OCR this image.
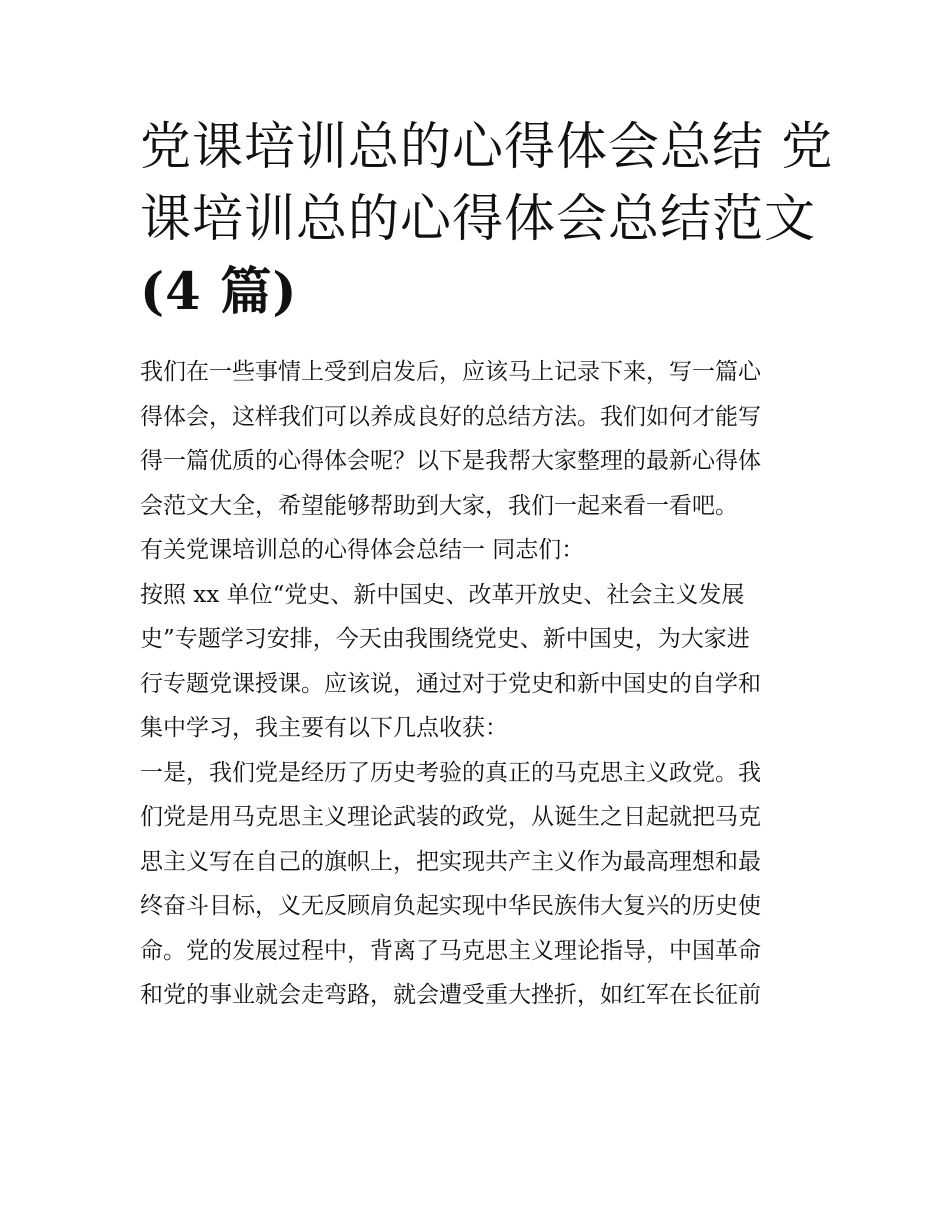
党课培训总的心得体会总结 党
课培训总的心得体会总结范文
(4 篇)
我们在一些事情上受到启发后，应该马上记录下来，写一篇心
得体会，这样我们可以养成良好的总结方法。我们如何才能写
得一篇优质的心得体会呢？以下是我帮大家整理的最新心得体
会范文大全，希望能够帮助到大家，我们一起来看一看吧。
有关党课培训总的心得体会总结一 同志们：
按照 xx 单位“党史、新中国史、改革开放史、社会主义发展
史”专题学习安排，今天由我围绕党史、新中国史，为大家进
行专题党课授课。应该说，通过对于党史和新中国史的自学和
集中学习，我主要有以下几点收获：
一是，我们党是经历了历史考验的真正的马克思主义政党。我
们党是用马克思主义理论武装的政党，从诞生之日起就把马克
思主义写在自己的旗帜上，把实现共产主义作为最高理想和最
终奋斗目标，义无反顾肩负起实现中华民族伟大复兴的历史使
命。党的发展过程中，背离了马克思主义理论指导，中国革命
和党的事业就会走弯路，就会遭受重大挫折，如红军在长征前
